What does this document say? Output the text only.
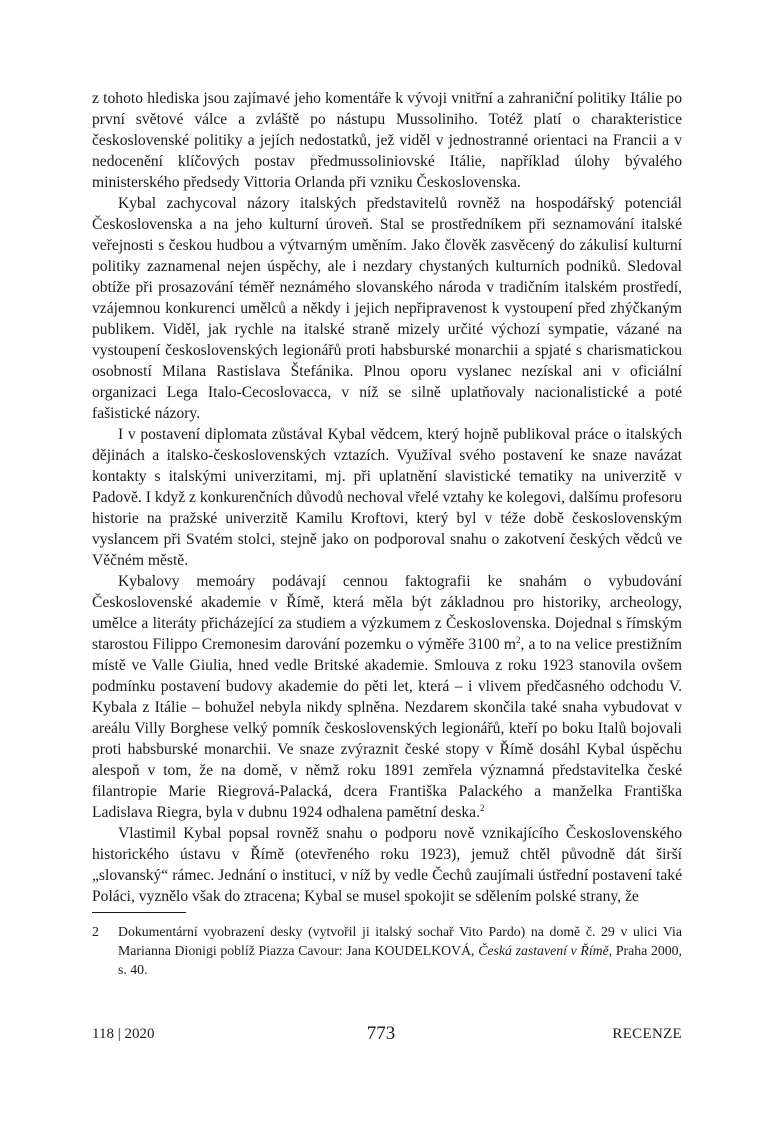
z tohoto hlediska jsou zajímavé jeho komentáře k vývoji vnitřní a zahraniční politiky Itálie po první světové válce a zvláště po nástupu Mussoliniho. Totéž platí o charakteristice československé politiky a jejích nedostatků, jež viděl v jednostranné orientaci na Francii a v nedocenění klíčových postav předmussoliniovské Itálie, například úlohy bývalého ministerského předsedy Vittoria Orlanda při vzniku Československa.

Kybal zachycoval názory italských představitelů rovněž na hospodářský potenciál Československa a na jeho kulturní úroveň. Stal se prostředníkem při seznamování italské veřejnosti s českou hudbou a výtvarným uměním. Jako člověk zasvěcený do zákulisí kulturní politiky zaznamenal nejen úspěchy, ale i nezdary chystaných kulturních podniků. Sledoval obtíže při prosazování téměř neznámého slovanského národa v tradičním italském prostředí, vzájemnou konkurenci umělců a někdy i jejich nepřipravenost k vystoupení před zhýčkaným publikem. Viděl, jak rychle na italské straně mizely určité výchozí sympatie, vázané na vystoupení československých legionářů proti habsburské monarchii a spjaté s charismatickou osobností Milana Rastislava Štefánika. Plnou oporu vyslanec nezískal ani v oficiální organizaci Lega Italo-Cecoslovacca, v níž se silně uplatňovaly nacionalistické a poté fašistické názory.

I v postavení diplomata zůstával Kybal vědcem, který hojně publikoval práce o italských dějinách a italsko-československých vztazích. Využíval svého postavení ke snaze navázat kontakty s italskými univerzitami, mj. při uplatnění slavistické tematiky na univerzitě v Padově. I když z konkurenčních důvodů nechoval vřelé vztahy ke kolegovi, dalšímu profesoru historie na pražské univerzitě Kamilu Kroftovi, který byl v téže době československým vyslancem při Svatém stolci, stejně jako on podporoval snahu o zakotvení českých vědců ve Věčném městě.

Kybalovy memoáry podávají cennou faktografii ke snahám o vybudování Československé akademie v Římě, která měla být základnou pro historiky, archeology, umělce a literáty přicházející za studiem a výzkumem z Československa. Dojednal s římským starostou Filippo Cremonesim darování pozemku o výměře 3100 $m^2$, a to na velice prestižním místě ve Valle Giulia, hned vedle Britské akademie. Smlouva z roku 1923 stanovila ovšem podmínku postavení budovy akademie do pěti let, která – i vlivem předčasného odchodu V. Kybala z Itálie – bohužel nebyla nikdy splněna. Nezdarem skončila také snaha vybudovat v areálu Villy Borghese velký pomník československých legionářů, kteří po boku Italů bojovali proti habsburské monarchii. Ve snaze zvýraznit české stopy v Římě dosáhl Kybal úspěchu alespoň v tom, že na domě, v němž roku 1891 zemřela významná představitelka české filantropie Marie Riegrová-Palacká, dcera Františka Palackého a manželka Františka Ladislava Riegra, byla v dubnu 1924 odhalena pamětní deska.$^2$

Vlastimil Kybal popsal rovněž snahu o podporu nově vznikajícího Československého historického ústavu v Římě (otevřeného roku 1923), jemuž chtěl původně dát širší „slovanský“ rámec. Jednání o instituci, v níž by vedle Čechů zaujímali ústřední postavení také Poláci, vyznělo však do ztracena; Kybal se musel spokojit se sdělením polské strany, že

2	Dokumentární vyobrazení desky (vytvořil ji italský sochař Vito Pardo) na domě č. 29 v ulici Via Marianna Dionigi poblíž Piazza Cavour: Jana KOUDELKOVÁ, Česká zastavení v Římě, Praha 2000, s. 40.
118 | 2020	773	RECENZE
